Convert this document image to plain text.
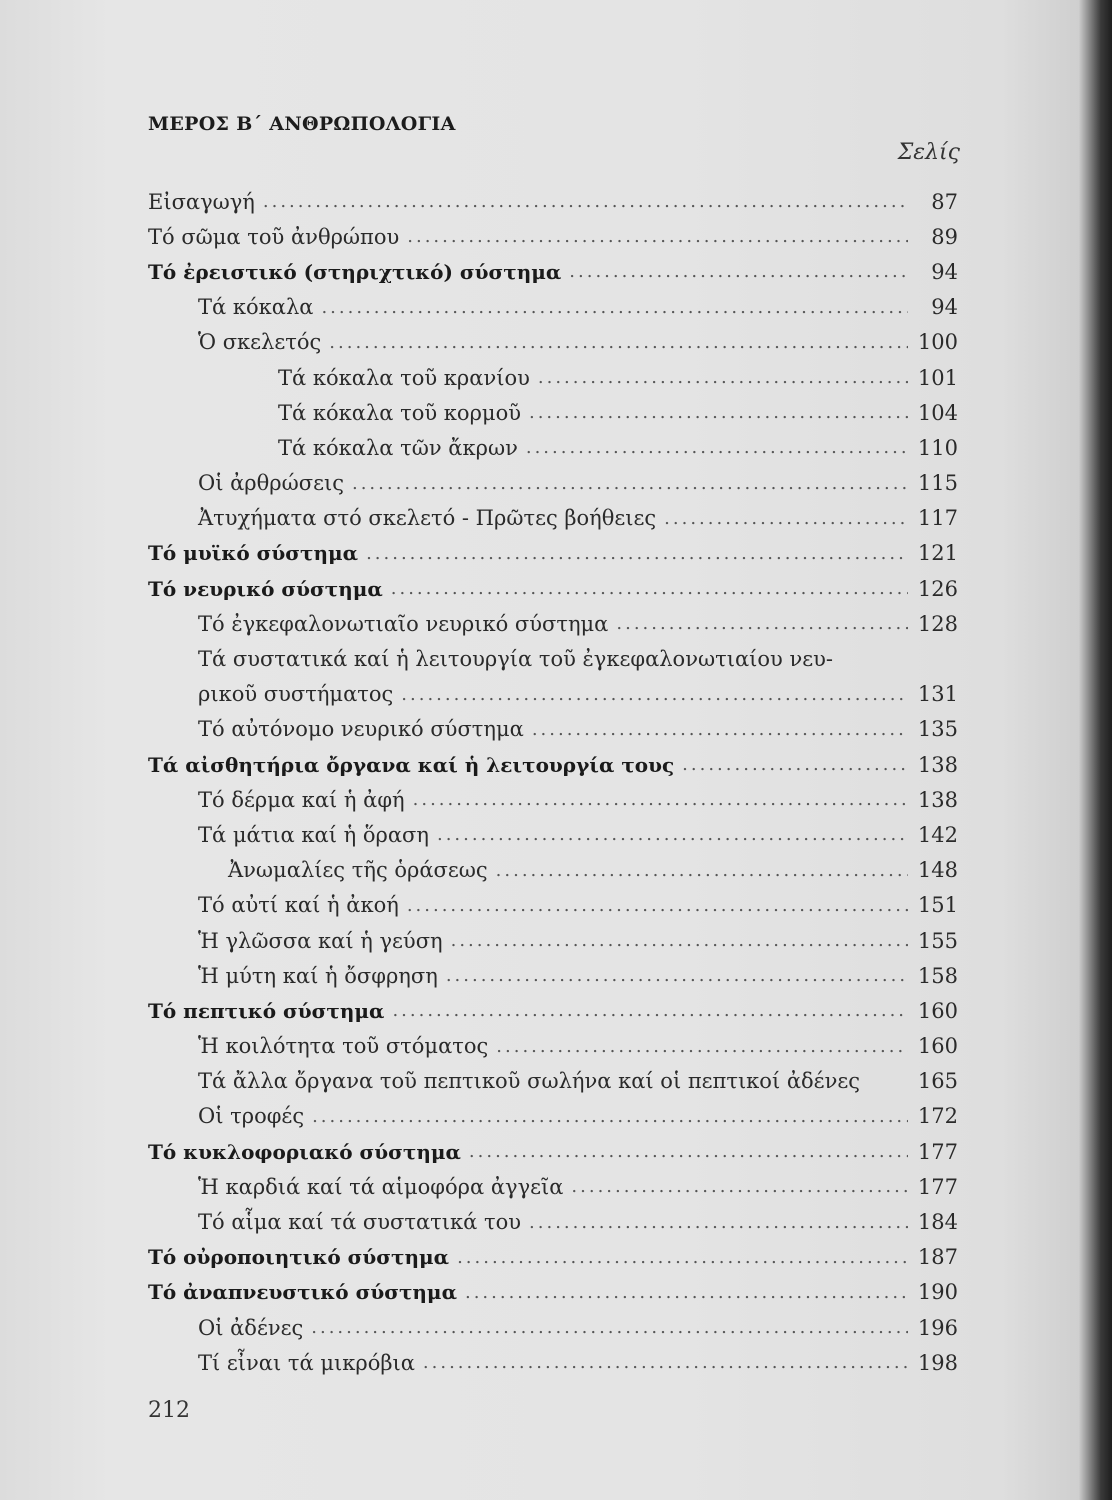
ΜΕΡΟΣ Β΄ ΑΝΘΡΩΠΟΛΟΓΙΑ
Σελίς
Εἰσαγωγή .....	87
Τό σῶμα τοῦ ἀνθρώπου .....	89
Τό ἐρειστικό (στηριχτικό) σύστημα .....	94
Τά κόκαλα .....	94
Ὁ σκελετός .....	100
Τά κόκαλα τοῦ κρανίου .....	101
Τά κόκαλα τοῦ κορμοῦ .....	104
Τά κόκαλα τῶν ἄκρων .....	110
Οἱ ἀρθρώσεις .....	115
Ἀτυχήματα στό σκελετό - Πρῶτες βοήθειες .....	117
Τό μυϊκό σύστημα .....	121
Τό νευρικό σύστημα .....	126
Τό ἐγκεφαλονωτιαῖο νευρικό σύστημα .....	128
Τά συστατικά καί ἡ λειτουργία τοῦ ἐγκεφαλονωτιαίου νευ-
ρικοῦ συστήματος .....	131
Τό αὐτόνομο νευρικό σύστημα .....	135
Τά αἰσθητήρια ὄργανα καί ἡ λειτουργία τους .....	138
Τό δέρμα καί ἡ ἀφή .....	138
Τά μάτια καί ἡ ὅραση .....	142
Ἀνωμαλίες τῆς ὁράσεως .....	148
Τό αὐτί καί ἡ ἀκοή .....	151
Ἡ γλῶσσα καί ἡ γεύση .....	155
Ἡ μύτη καί ἡ ὄσφρηση .....	158
Τό πεπτικό σύστημα .....	160
Ἡ κοιλότητα τοῦ στόματος .....	160
Τά ἄλλα ὄργανα τοῦ πεπτικοῦ σωλήνα καί οἱ πεπτικοί ἀδένες	165
Οἱ τροφές .....	172
Τό κυκλοφοριακό σύστημα .....	177
Ἡ καρδιά καί τά αἱμοφόρα ἀγγεῖα .....	177
Τό αἷμα καί τά συστατικά του .....	184
Τό οὐροποιητικό σύστημα .....	187
Τό ἀναπνευστικό σύστημα .....	190
Οἱ ἀδένες .....	196
Τί εἶναι τά μικρόβια .....	198
212
